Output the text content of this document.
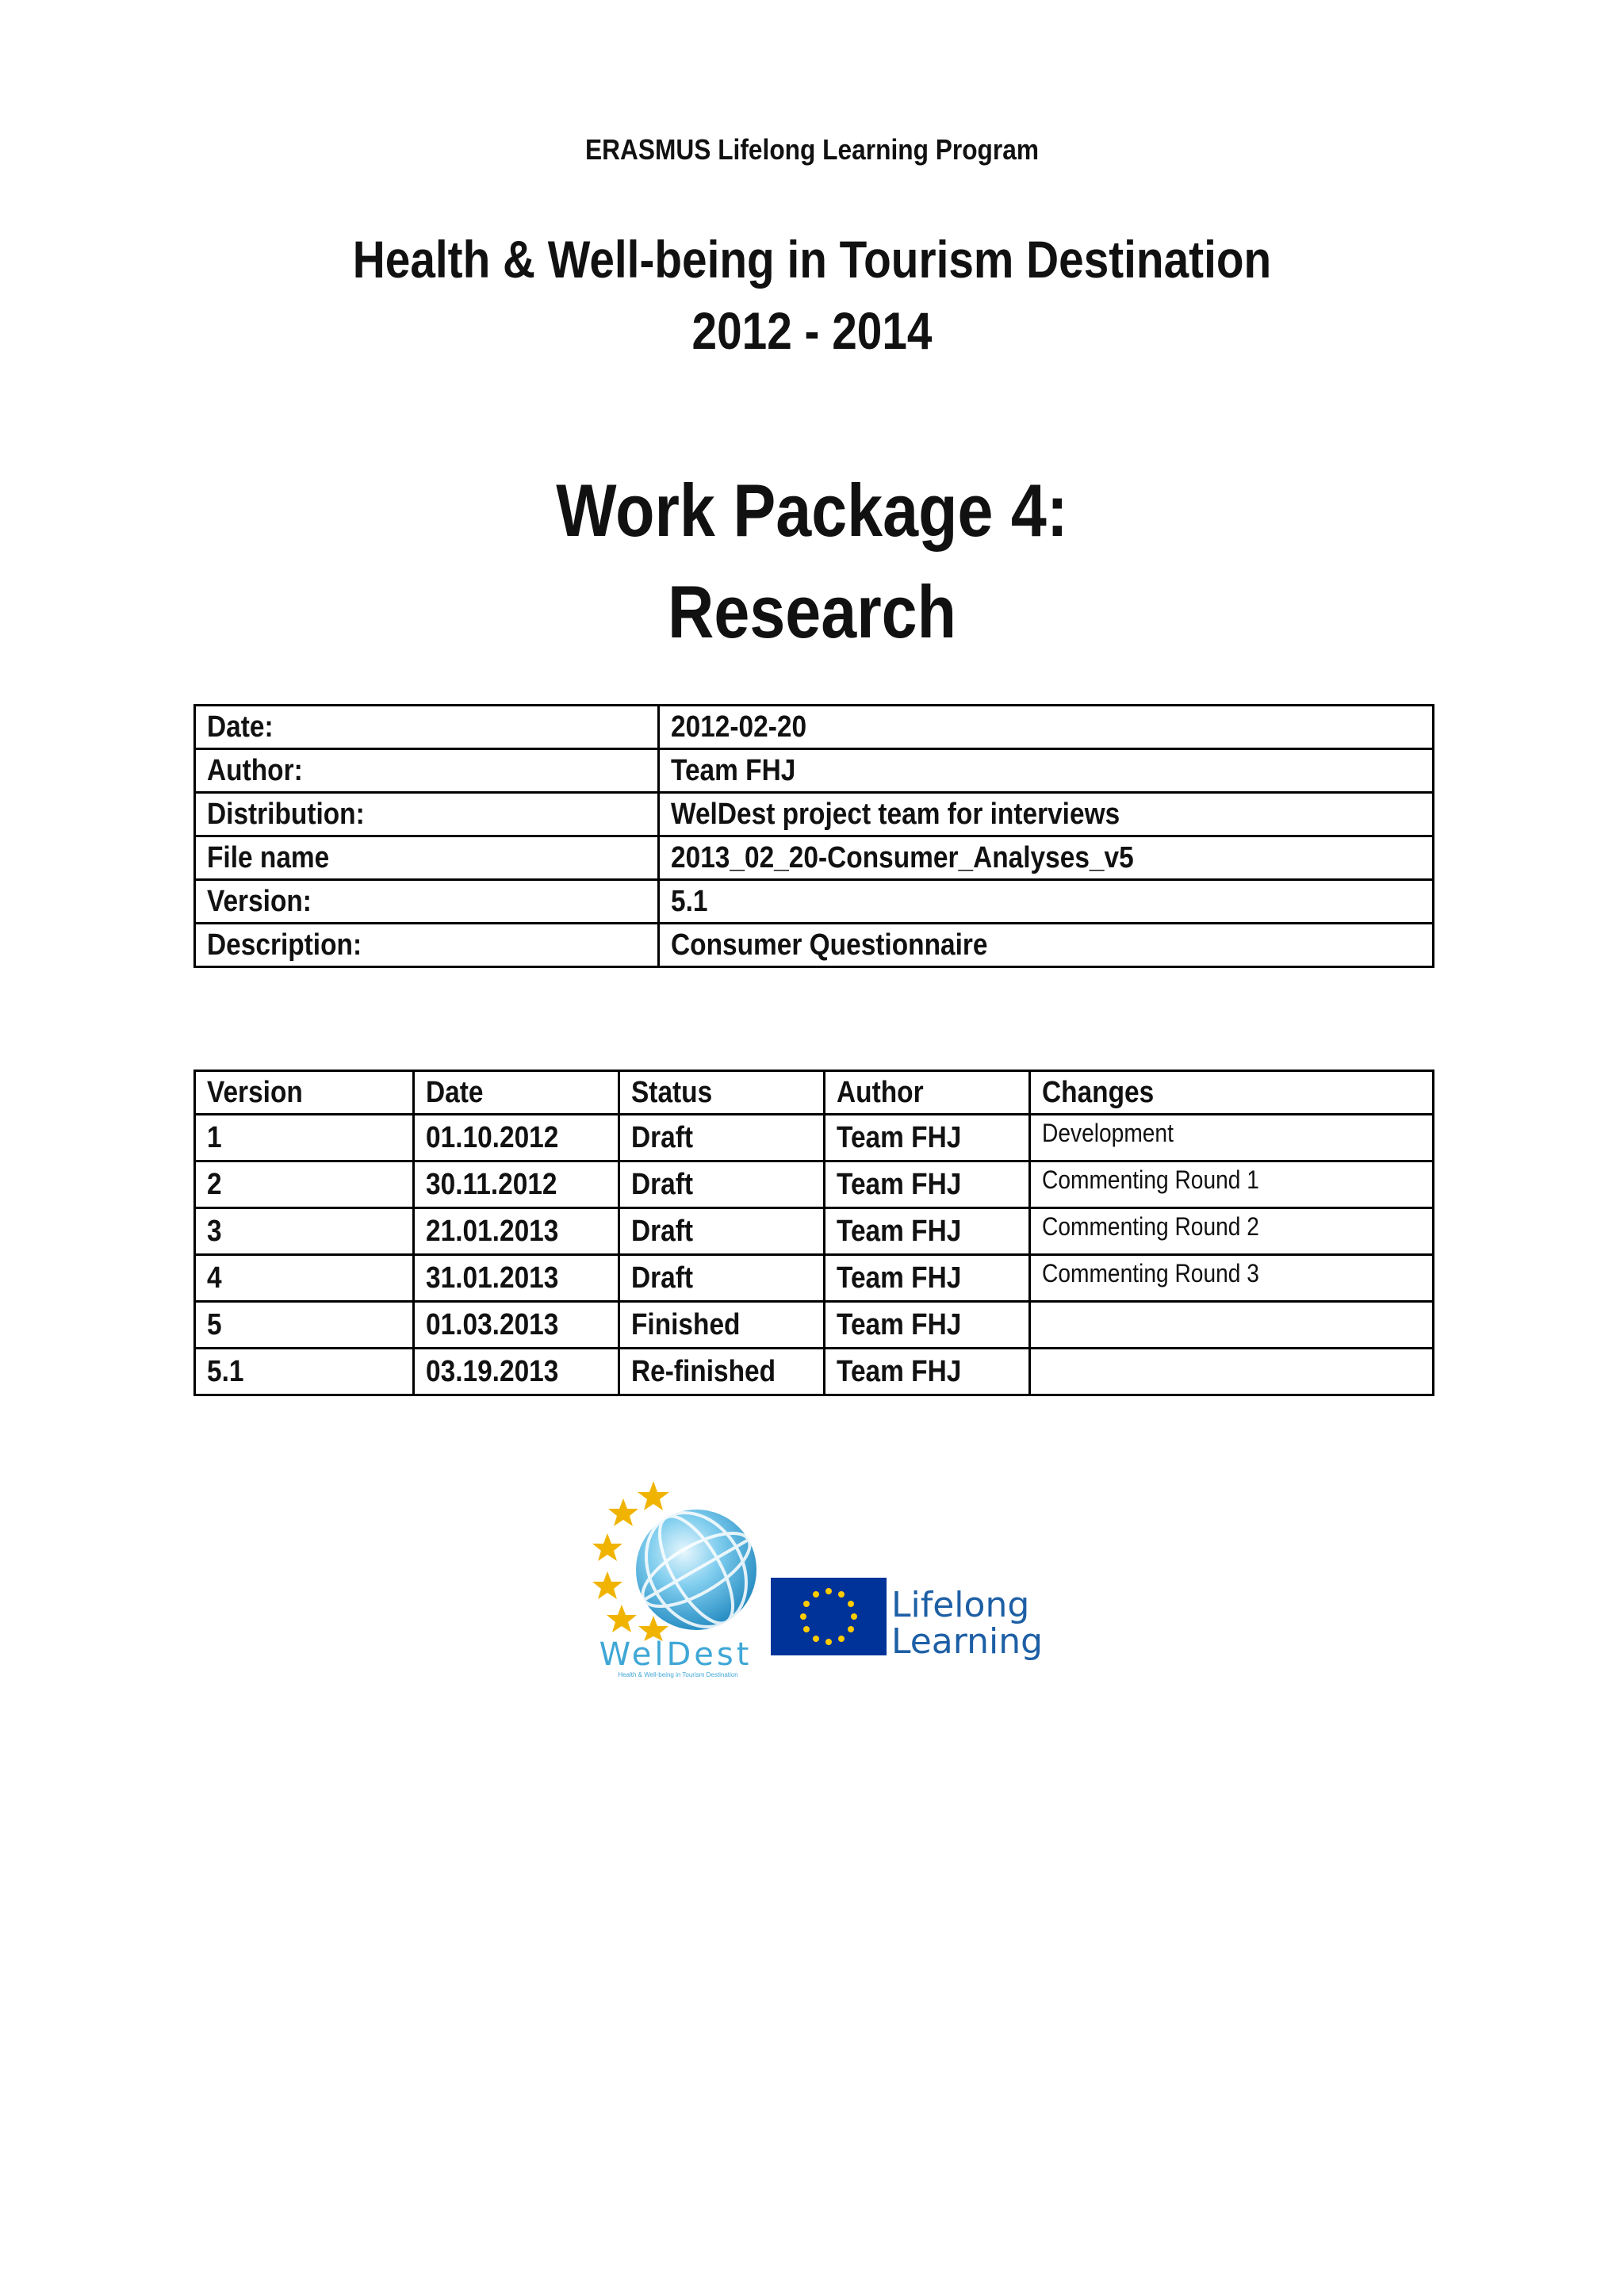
ERASMUS Lifelong Learning Program
Health & Well-being in Tourism Destination
2012 - 2014
Work Package 4:
Research
Date:	2012-02-20
Author:	Team FHJ
Distribution:	WelDest project team for interviews
File name	2013_02_20-Consumer_Analyses_v5
Version:	5.1
Description:	Consumer Questionnaire
Version	Date	Status	Author	Changes
1	01.10.2012	Draft	Team FHJ	Development
2	30.11.2012	Draft	Team FHJ	Commenting Round 1
3	21.01.2013	Draft	Team FHJ	Commenting Round 2
4	31.01.2013	Draft	Team FHJ	Commenting Round 3
5	01.03.2013	Finished	Team FHJ	
5.1	03.19.2013	Re-finished	Team FHJ	
WelDest
Health & Well-being in Tourism Destination
Lifelong
Learning
